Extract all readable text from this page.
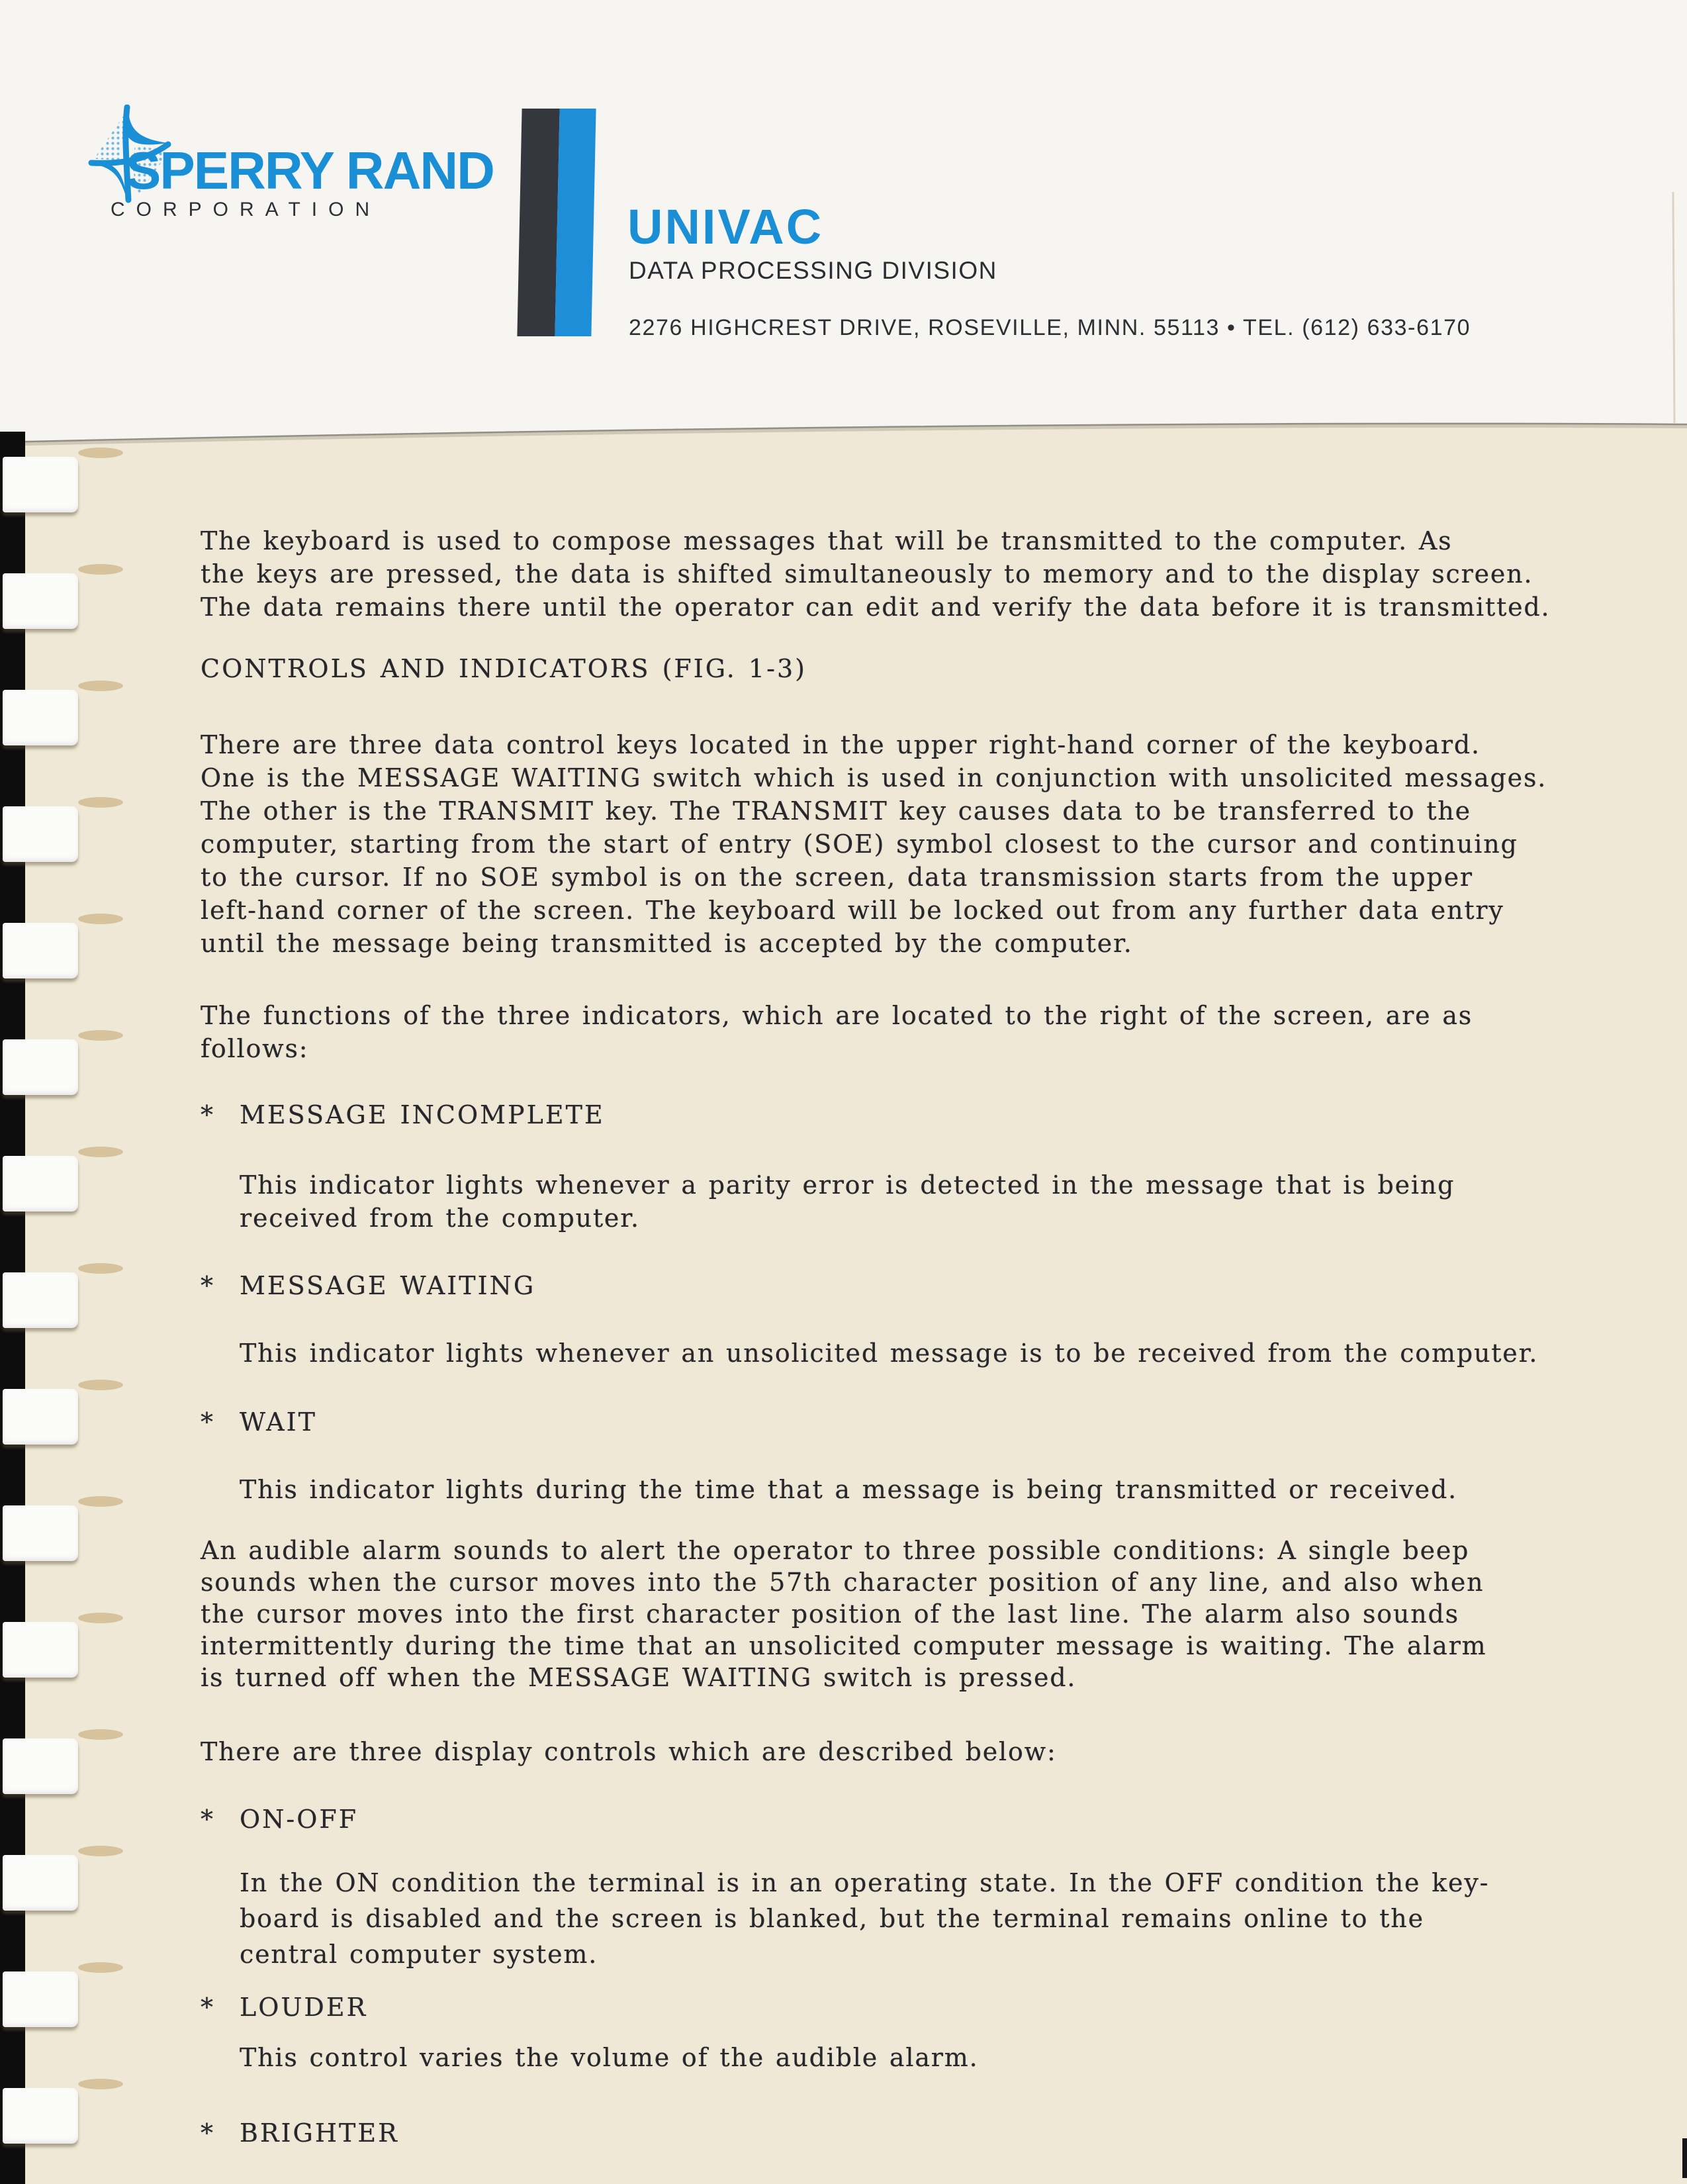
SPERRY RAND
CORPORATION	UNIVAC
DATA PROCESSING DIVISION
2276 HIGHCREST DRIVE, ROSEVILLE, MINN. 55113 • TEL. (612) 633-6170
The keyboard is used to compose messages that will be transmitted to the computer. As
the keys are pressed, the data is shifted simultaneously to memory and to the display screen.
The data remains there until the operator can edit and verify the data before it is transmitted.
CONTROLS AND INDICATORS (FIG. 1-3)
There are three data control keys located in the upper right-hand corner of the keyboard.
One is the MESSAGE WAITING switch which is used in conjunction with unsolicited messages.
The other is the TRANSMIT key. The TRANSMIT key causes data to be transferred to the
computer, starting from the start of entry (SOE) symbol closest to the cursor and continuing
to the cursor. If no SOE symbol is on the screen, data transmission starts from the upper
left-hand corner of the screen. The keyboard will be locked out from any further data entry
until the message being transmitted is accepted by the computer.
The functions of the three indicators, which are located to the right of the screen, are as
follows:
* MESSAGE INCOMPLETE
This indicator lights whenever a parity error is detected in the message that is being
received from the computer.
* MESSAGE WAITING
This indicator lights whenever an unsolicited message is to be received from the computer.
* WAIT
This indicator lights during the time that a message is being transmitted or received.
An audible alarm sounds to alert the operator to three possible conditions: A single beep
sounds when the cursor moves into the 57th character position of any line, and also when
the cursor moves into the first character position of the last line. The alarm also sounds
intermittently during the time that an unsolicited computer message is waiting. The alarm
is turned off when the MESSAGE WAITING switch is pressed.
There are three display controls which are described below:
* ON-OFF
In the ON condition the terminal is in an operating state. In the OFF condition the key-
board is disabled and the screen is blanked, but the terminal remains online to the
central computer system.
* LOUDER
This control varies the volume of the audible alarm.
* BRIGHTER
